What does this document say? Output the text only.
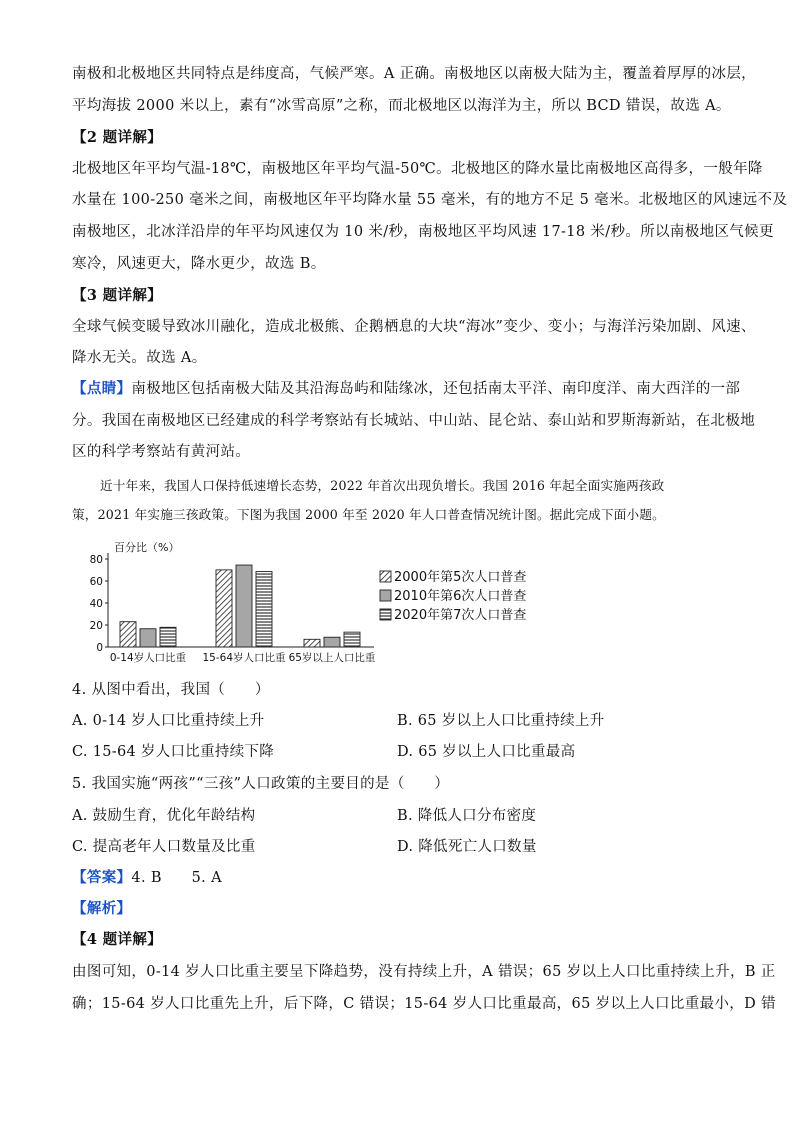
南极和北极地区共同特点是纬度高，气候严寒。A 正确。南极地区以南极大陆为主，覆盖着厚厚的冰层，
平均海拔 2000 米以上，素有“冰雪高原”之称，而北极地区以海洋为主，所以 BCD 错误，故选 A。
【2 题详解】
北极地区年平均气温-18℃，南极地区年平均气温-50℃。北极地区的降水量比南极地区高得多，一般年降
水量在 100-250 毫米之间，南极地区年平均降水量 55 毫米，有的地方不足 5 毫米。北极地区的风速远不及
南极地区，北冰洋沿岸的年平均风速仅为 10 米/秒，南极地区平均风速 17-18 米/秒。所以南极地区气候更
寒冷，风速更大，降水更少，故选 B。
【3 题详解】
全球气候变暖导致冰川融化，造成北极熊、企鹅栖息的大块“海冰”变少、变小；与海洋污染加剧、风速、
降水无关。故选 A。
【点睛】南极地区包括南极大陆及其沿海岛屿和陆缘冰，还包括南太平洋、南印度洋、南大西洋的一部
分。我国在南极地区已经建成的科学考察站有长城站、中山站、昆仑站、泰山站和罗斯海新站，在北极地
区的科学考察站有黄河站。
近十年来，我国人口保持低速增长态势，2022 年首次出现负增长。我国 2016 年起全面实施两孩政
策，2021 年实施三孩政策。下图为我国 2000 年至 2020 年人口普查情况统计图。据此完成下面小题。
百分比（%）
0
20
40
60
80
0-14岁人口比重 15-64岁人口比重 65岁以上人口比重
2000年第5次人口普查
2010年第6次人口普查
2020年第7次人口普查
4. 从图中看出，我国（　　）
A. 0-14 岁人口比重持续上升	B. 65 岁以上人口比重持续上升
C. 15-64 岁人口比重持续下降	D. 65 岁以上人口比重最高
5. 我国实施“两孩”“三孩”人口政策的主要目的是（　　）
A. 鼓励生育，优化年龄结构	B. 降低人口分布密度
C. 提高老年人口数量及比重	D. 降低死亡人口数量
【答案】4. B　　5. A
【解析】
【4 题详解】
由图可知，0-14 岁人口比重主要呈下降趋势，没有持续上升，A 错误；65 岁以上人口比重持续上升，B 正
确；15-64 岁人口比重先上升，后下降，C 错误；15-64 岁人口比重最高，65 岁以上人口比重最小，D 错
